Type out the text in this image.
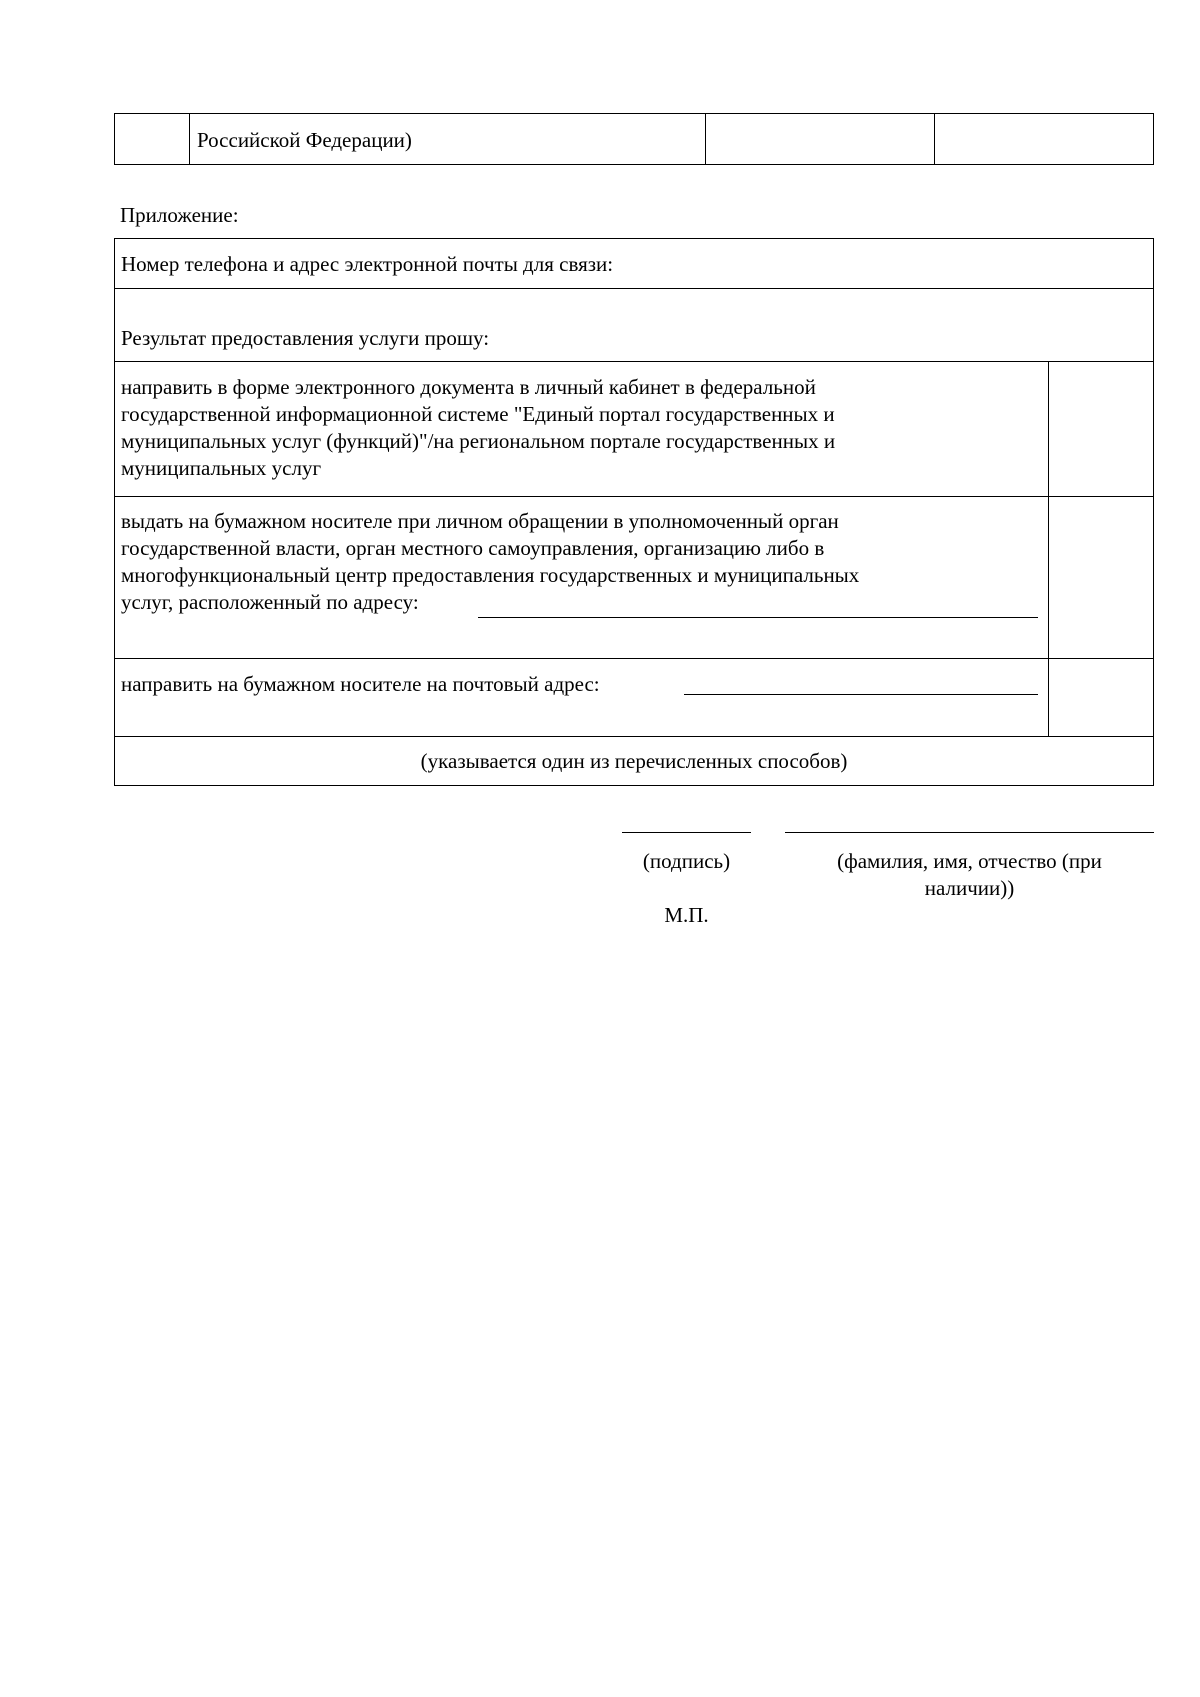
Российской Федерации)
Приложение:
Номер телефона и адрес электронной почты для связи:
Результат предоставления услуги прошу:
направить в форме электронного документа в личный кабинет в федеральной
государственной информационной системе "Единый портал государственных и
муниципальных услуг (функций)"/на региональном портале государственных и
муниципальных услуг
выдать на бумажном носителе при личном обращении в уполномоченный орган
государственной власти, орган местного самоуправления, организацию либо в
многофункциональный центр предоставления государственных и муниципальных
услуг, расположенный по адресу:
направить на бумажном носителе на почтовый адрес:
(указывается один из перечисленных способов)
(подпись)	(фамилия, имя, отчество (при
наличии))
М.П.
